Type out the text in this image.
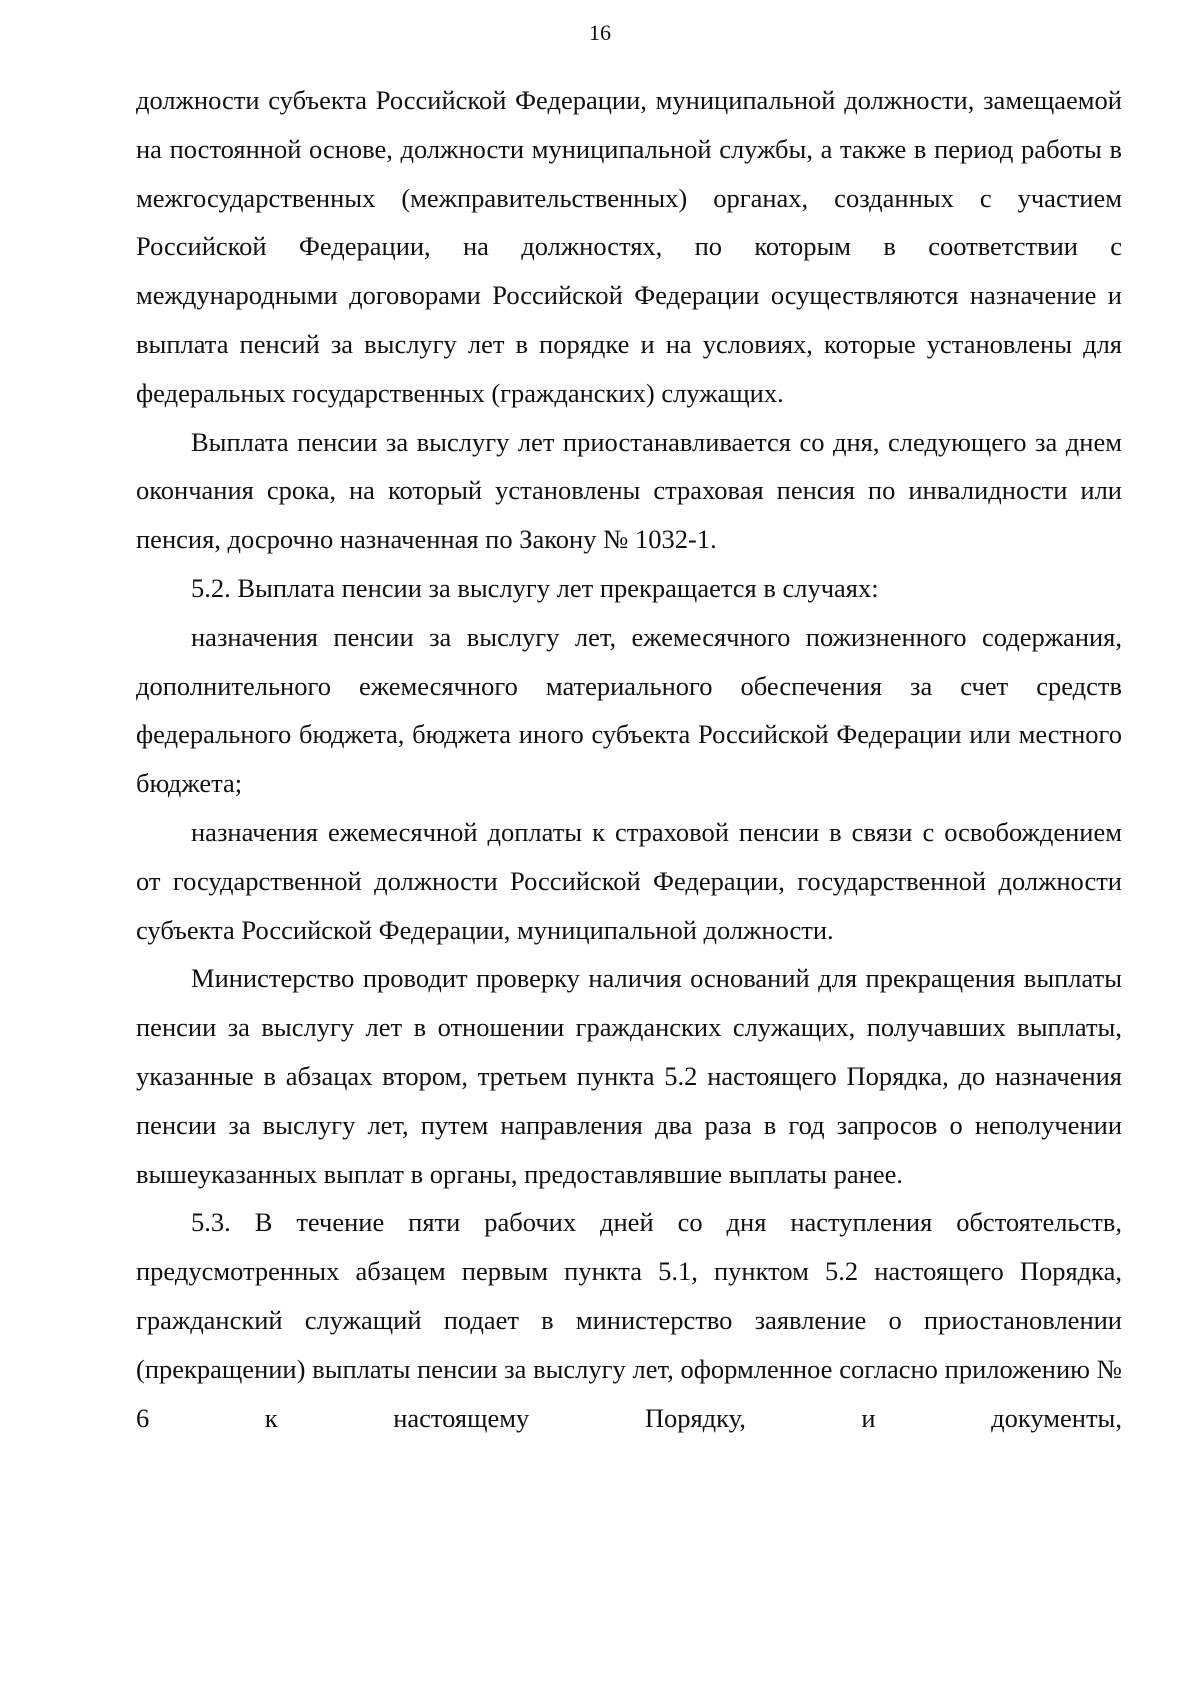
16

должности субъекта Российской Федерации, муниципальной должности, замещаемой на постоянной основе, должности муниципальной службы, а также в период работы в межгосударственных (межправительственных) органах, созданных с участием Российской Федерации, на должностях, по которым в соответствии с международными договорами Российской Федерации осуществляются назначение и выплата пенсий за выслугу лет в порядке и на условиях, которые установлены для федеральных государственных (гражданских) служащих.

Выплата пенсии за выслугу лет приостанавливается со дня, следующего за днем окончания срока, на который установлены страховая пенсия по инвалидности или пенсия, досрочно назначенная по Закону № 1032-1.

5.2. Выплата пенсии за выслугу лет прекращается в случаях:

назначения пенсии за выслугу лет, ежемесячного пожизненного содержания, дополнительного ежемесячного материального обеспечения за счет средств федерального бюджета, бюджета иного субъекта Российской Федерации или местного бюджета;

назначения ежемесячной доплаты к страховой пенсии в связи с освобождением от государственной должности Российской Федерации, государственной должности субъекта Российской Федерации, муниципальной должности.

Министерство проводит проверку наличия оснований для прекращения выплаты пенсии за выслугу лет в отношении гражданских служащих, получавших выплаты, указанные в абзацах втором, третьем пункта 5.2 настоящего Порядка, до назначения пенсии за выслугу лет, путем направления два раза в год запросов о неполучении вышеуказанных выплат в органы, предоставлявшие выплаты ранее.

5.3. В течение пяти рабочих дней со дня наступления обстоятельств, предусмотренных абзацем первым пункта 5.1, пунктом 5.2 настоящего Порядка, гражданский служащий подает в министерство заявление о приостановлении (прекращении) выплаты пенсии за выслугу лет, оформленное согласно приложению № 6 к настоящему Порядку, и документы,
